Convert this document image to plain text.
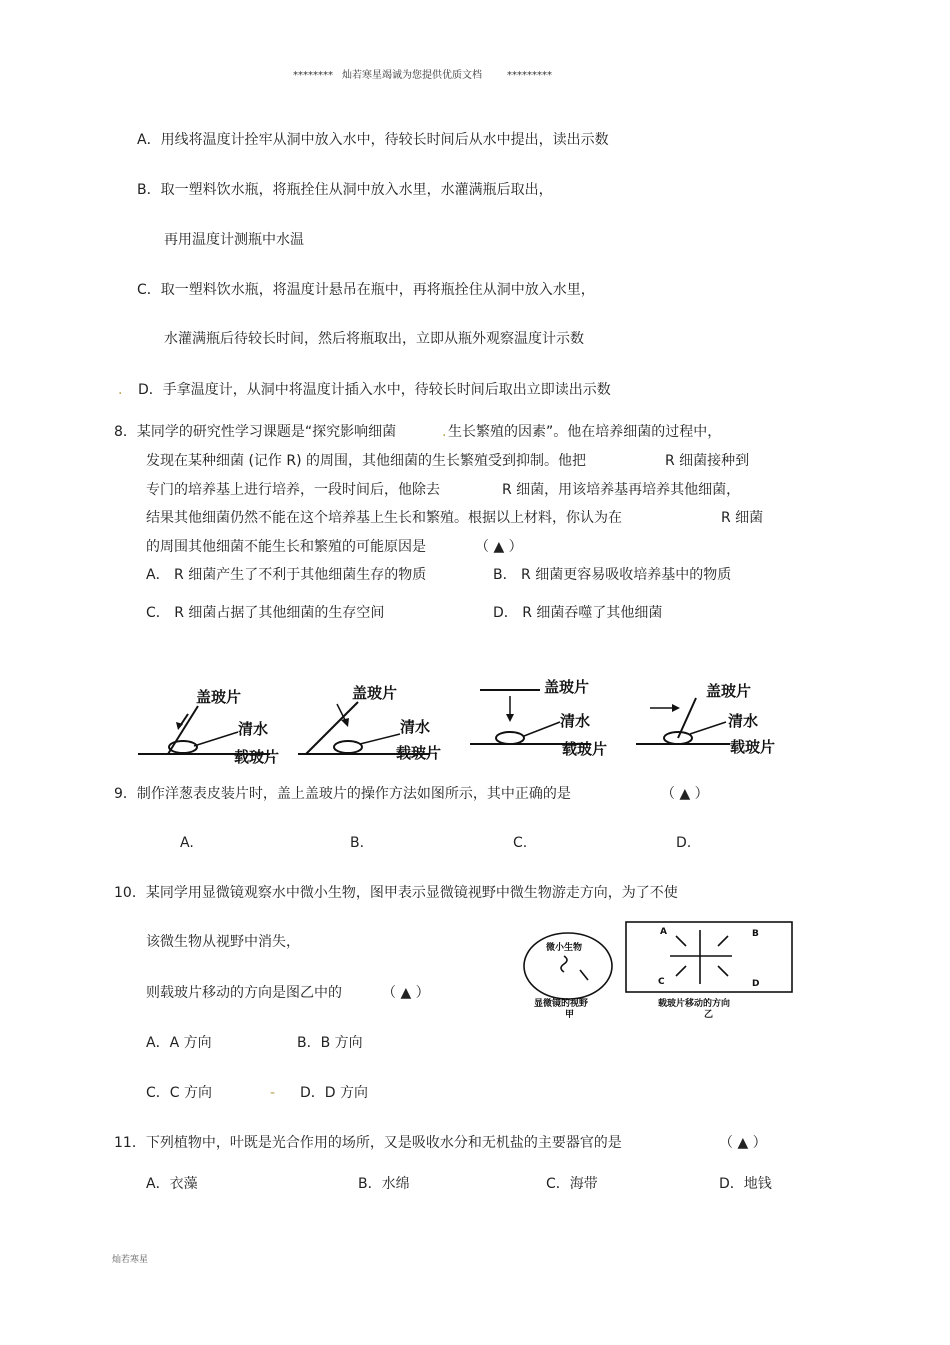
******** 灿若寒星竭诚为您提供优质文档	*********
A．用线将温度计拴牢从洞中放入水中，待较长时间后从水中提出，读出示数
B．取一塑料饮水瓶，将瓶拴住从洞中放入水里，水灌满瓶后取出，
再用温度计测瓶中水温
C．取一塑料饮水瓶，将温度计悬吊在瓶中，再将瓶拴住从洞中放入水里，
水灌满瓶后待较长时间，然后将瓶取出，立即从瓶外观察温度计示数
. D．手拿温度计，从洞中将温度计插入水中，待较长时间后取出立即读出示数
8．某同学的研究性学习课题是“探究影响细菌	. 生长繁殖的因素”。他在培养细菌的过程中，
发现在某种细菌 (记作 R) 的周围，其他细菌的生长繁殖受到抑制。他把	R 细菌接种到
专门的培养基上进行培养，一段时间后，他除去	R 细菌，用该培养基再培养其他细菌，
结果其他细菌仍然不能在这个培养基上生长和繁殖。根据以上材料，你认为在	R 细菌
的周围其他细菌不能生长和繁殖的可能原因是	（ ▲ ）
A． R 细菌产生了不利于其他细菌生存的物质	B． R 细菌更容易吸收培养基中的物质
C． R 细菌占据了其他细菌的生存空间	D． R 细菌吞噬了其他细菌
盖玻片
清水
载玻片
盖玻片
清水
载玻片
盖玻片
清水
载玻片
盖玻片
清水
载玻片
9．制作洋葱表皮装片时，盖上盖玻片的操作方法如图所示，其中正确的是	（ ▲ ）
A.	B.	C.	D.
10．某同学用显微镜观察水中微小生物，图甲表示显微镜视野中微生物游走方向，为了不使
该微生物从视野中消失，
则载玻片移动的方向是图乙中的	（ ▲ ）
微小生物
显微镜的视野
甲
载玻片移动的方向
乙
A	B
C	D
A．A 方向	B．B 方向
C．C 方向	- D．D 方向
11．下列植物中，叶既是光合作用的场所，又是吸收水分和无机盐的主要器官的是	（ ▲ ）
A．衣藻	B．水绵	C．海带	D．地钱
灿若寒星
